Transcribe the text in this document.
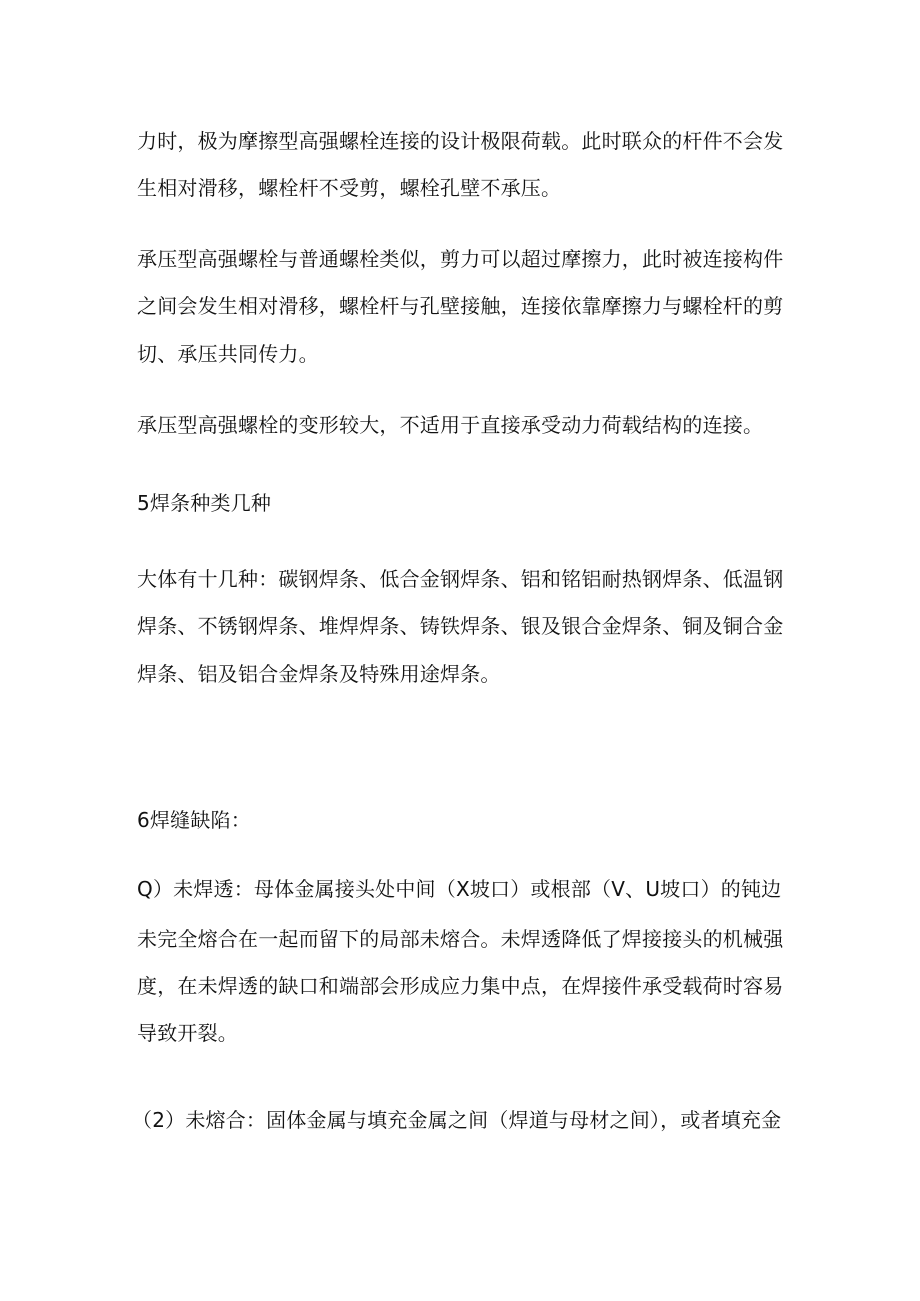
力时，极为摩擦型高强螺栓连接的设计极限荷载。此时联众的杆件不会发

生相对滑移，螺栓杆不受剪，螺栓孔壁不承压。

承压型高强螺栓与普通螺栓类似，剪力可以超过摩擦力，此时被连接构件

之间会发生相对滑移，螺栓杆与孔壁接触，连接依靠摩擦力与螺栓杆的剪

切、承压共同传力。

承压型高强螺栓的变形较大，不适用于直接承受动力荷载结构的连接。

5焊条种类几种

大体有十几种：碳钢焊条、低合金钢焊条、铝和铭铝耐热钢焊条、低温钢

焊条、不锈钢焊条、堆焊焊条、铸铁焊条、银及银合金焊条、铜及铜合金

焊条、铝及铝合金焊条及特殊用途焊条。

6焊缝缺陷：

Q）未焊透：母体金属接头处中间（X坡口）或根部（V、U坡口）的钝边

未完全熔合在一起而留下的局部未熔合。未焊透降低了焊接接头的机械强

度，在未焊透的缺口和端部会形成应力集中点，在焊接件承受载荷时容易

导致开裂。

（2）未熔合：固体金属与填充金属之间（焊道与母材之间），或者填充金
